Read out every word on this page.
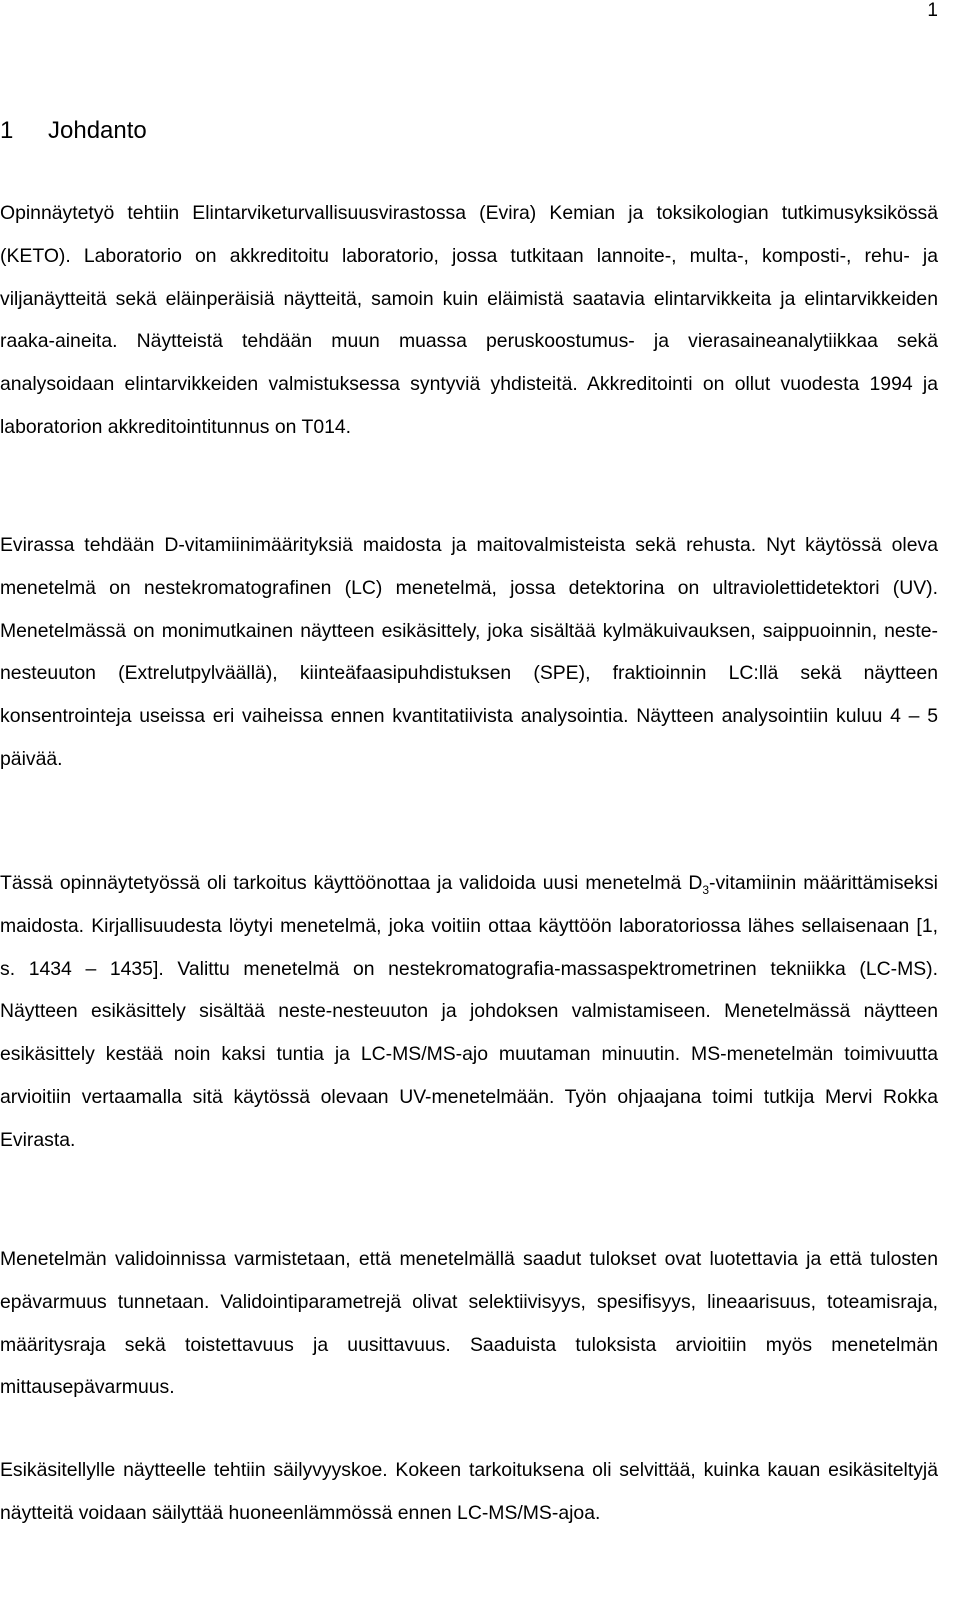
1
1 Johdanto

Opinnäytetyö tehtiin Elintarviketurvallisuusvirastossa (Evira) Kemian ja toksikologian tutkimusyksikössä (KETO). Laboratorio on akkreditoitu laboratorio, jossa tutkitaan lannoite-, multa-, komposti-, rehu- ja viljanäytteitä sekä eläinperäisiä näytteitä, samoin kuin eläimistä saatavia elintarvikkeita ja elintarvikkeiden raaka-aineita. Näytteistä tehdään muun muassa peruskoostumus- ja vierasaineanalytiikkaa sekä analysoidaan elintarvikkeiden valmistuksessa syntyviä yhdisteitä. Akkreditointi on ollut vuodesta 1994 ja laboratorion akkreditointitunnus on T014.

Evirassa tehdään D-vitamiinimäärityksiä maidosta ja maitovalmisteista sekä rehusta. Nyt käytössä oleva menetelmä on nestekromatografinen (LC) menetelmä, jossa detektorina on ultraviolettidetektori (UV). Menetelmässä on monimutkainen näytteen esikäsittely, joka sisältää kylmäkuivauksen, saippuoinnin, neste-nesteuuton (Extrelutpylväällä), kiinteäfaasipuhdistuksen (SPE), fraktioinnin LC:llä sekä näytteen konsentrointeja useissa eri vaiheissa ennen kvantitatiivista analysointia. Näytteen analysointiin kuluu 4 – 5 päivää.

Tässä opinnäytetyössä oli tarkoitus käyttöönottaa ja validoida uusi menetelmä $D_3$-vitamiinin määrittämiseksi maidosta. Kirjallisuudesta löytyi menetelmä, joka voitiin ottaa käyttöön laboratoriossa lähes sellaisenaan [1, s. 1434 – 1435]. Valittu menetelmä on nestekromatografia-massaspektrometrinen tekniikka (LC-MS). Näytteen esikäsittely sisältää neste-nesteuuton ja johdoksen valmistamiseen. Menetelmässä näytteen esikäsittely kestää noin kaksi tuntia ja LC-MS/MS-ajo muutaman minuutin. MS-menetelmän toimivuutta arvioitiin vertaamalla sitä käytössä olevaan UV-menetelmään. Työn ohjaajana toimi tutkija Mervi Rokka Evirasta.

Menetelmän validoinnissa varmistetaan, että menetelmällä saadut tulokset ovat luotettavia ja että tulosten epävarmuus tunnetaan. Validointiparametrejä olivat selektiivisyys, spesifisyys, lineaarisuus, toteamisraja, määritysraja sekä toistettavuus ja uusittavuus. Saaduista tuloksista arvioitiin myös menetelmän mittausepävarmuus.

Esikäsitellylle näytteelle tehtiin säilyvyyskoe. Kokeen tarkoituksena oli selvittää, kuinka kauan esikäsiteltyjä näytteitä voidaan säilyttää huoneenlämmössä ennen LC-MS/MS-ajoa.
